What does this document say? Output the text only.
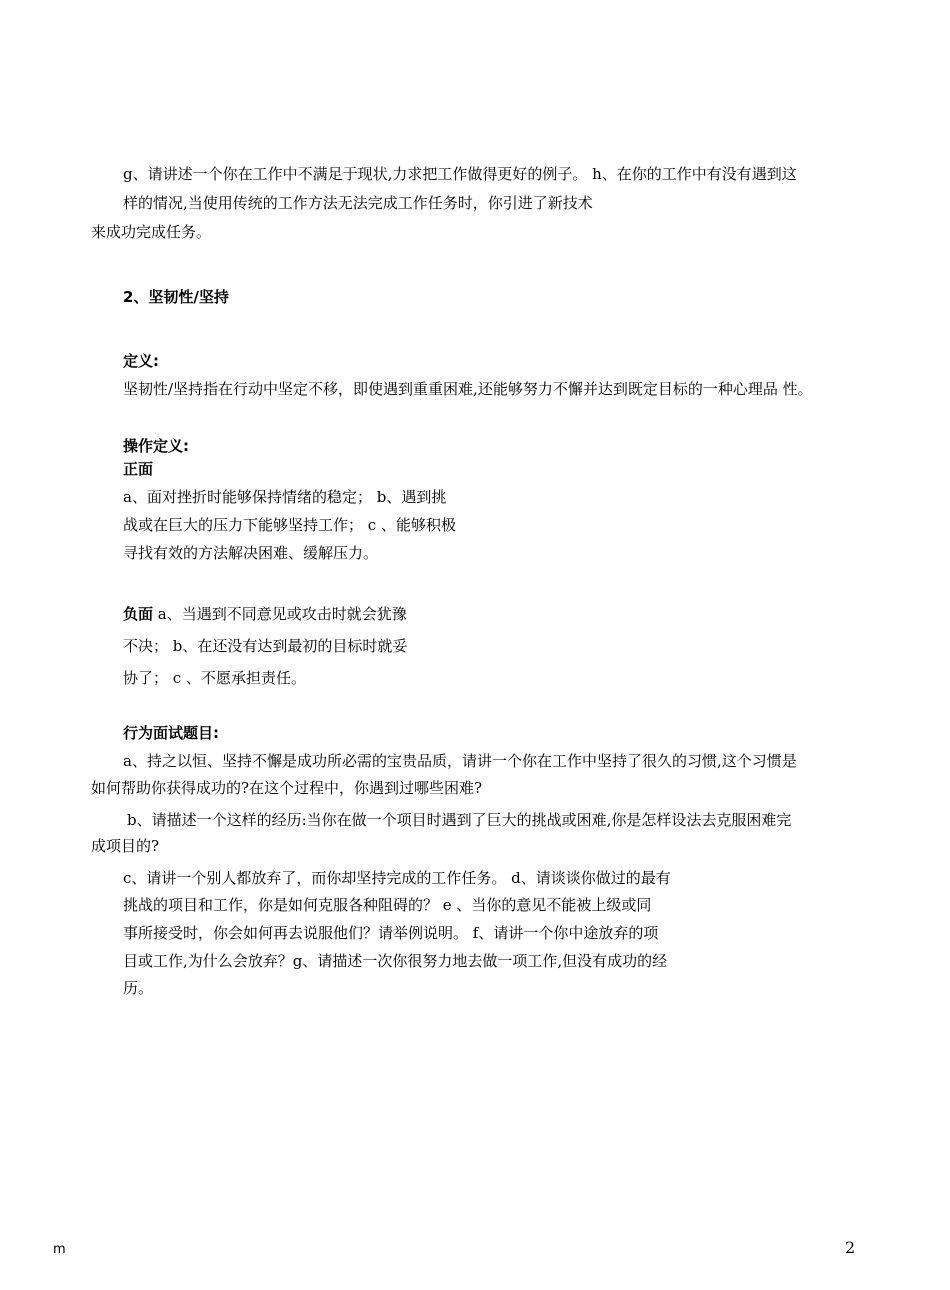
g、请讲述一个你在工作中不满足于现状,力求把工作做得更好的例子。 h、在你的工作中有没有遇到这
样的情况,当使用传统的工作方法无法完成工作任务时，你引进了新技术
来成功完成任务。
2、坚韧性/坚持
定义:
坚韧性/坚持指在行动中坚定不移，即使遇到重重困难,还能够努力不懈并达到既定目标的一种心理品 性。
操作定义:
正面
a、面对挫折时能够保持情绪的稳定； b、遇到挑
战或在巨大的压力下能够坚持工作； c 、能够积极
寻找有效的方法解决困难、缓解压力。
负面 a、当遇到不同意见或攻击时就会犹豫
不决； b、在还没有达到最初的目标时就妥
协了； c 、不愿承担责任。
行为面试题目:
a、持之以恒、坚持不懈是成功所必需的宝贵品质，请讲一个你在工作中坚持了很久的习惯,这个习惯是
如何帮助你获得成功的?在这个过程中，你遇到过哪些困难?
b、请描述一个这样的经历:当你在做一个项目时遇到了巨大的挑战或困难,你是怎样设法去克服困难完
成项目的?
c、请讲一个别人都放弃了，而你却坚持完成的工作任务。 d、请谈谈你做过的最有
挑战的项目和工作，你是如何克服各种阻碍的？ e 、当你的意见不能被上级或同
事所接受时，你会如何再去说服他们？请举例说明。 f、请讲一个你中途放弃的项
目或工作,为什么会放弃？g、请描述一次你很努力地去做一项工作,但没有成功的经
历。
m	2
